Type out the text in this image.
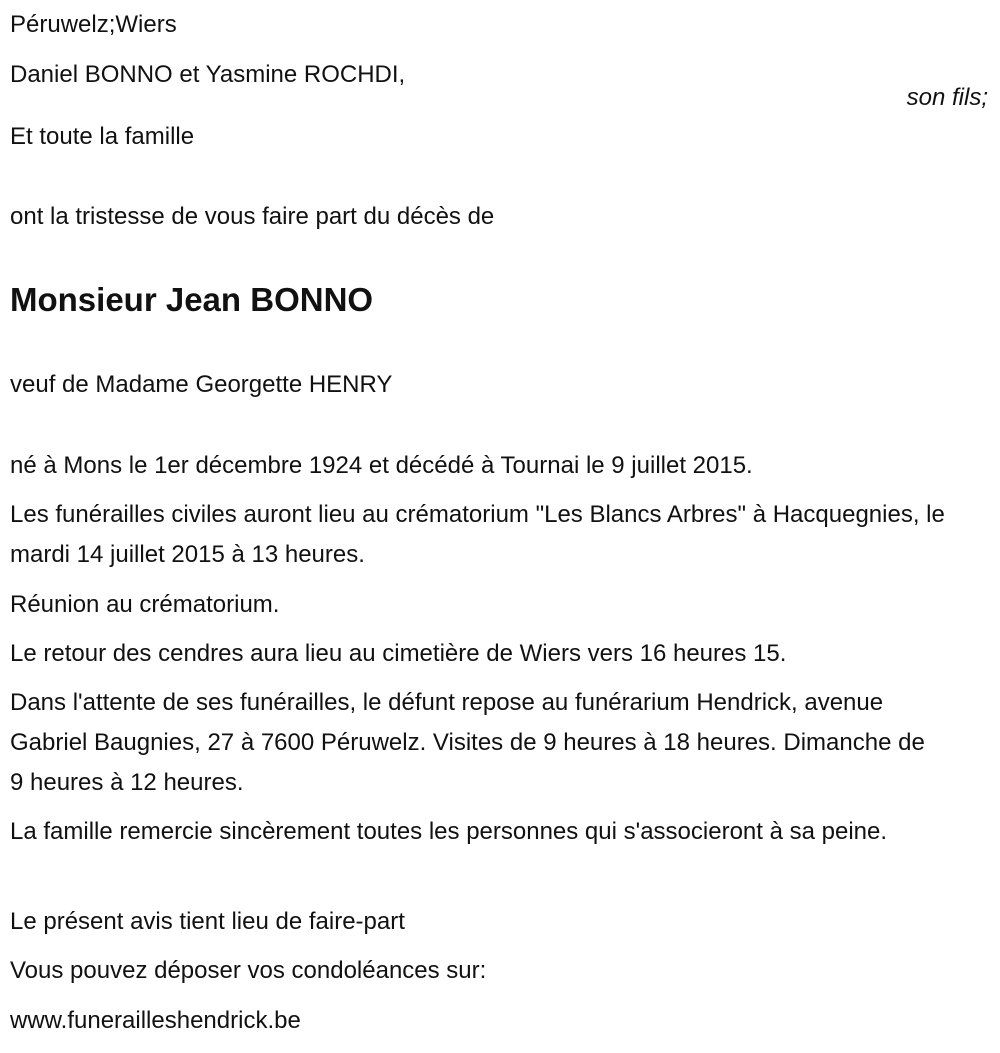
Péruwelz;Wiers
Daniel BONNO et Yasmine ROCHDI,
son fils;
Et toute la famille
ont la tristesse de vous faire part du décès de
Monsieur Jean BONNO
veuf de Madame Georgette HENRY
né à Mons le 1er décembre 1924 et décédé à Tournai le 9 juillet 2015.
Les funérailles civiles auront lieu au crématorium "Les Blancs Arbres" à Hacquegnies, le mardi 14 juillet 2015 à 13 heures.
Réunion au crématorium.
Le retour des cendres aura lieu au cimetière de Wiers vers 16 heures 15.
Dans l'attente de ses funérailles, le défunt repose au funérarium Hendrick, avenue Gabriel Baugnies, 27 à 7600 Péruwelz. Visites de 9 heures à 18 heures. Dimanche de 9 heures à 12 heures.
La famille remercie sincèrement toutes les personnes qui s'associeront à sa peine.
Le présent avis tient lieu de faire-part
Vous pouvez déposer vos condoléances sur:
www.funerailleshendrick.be
